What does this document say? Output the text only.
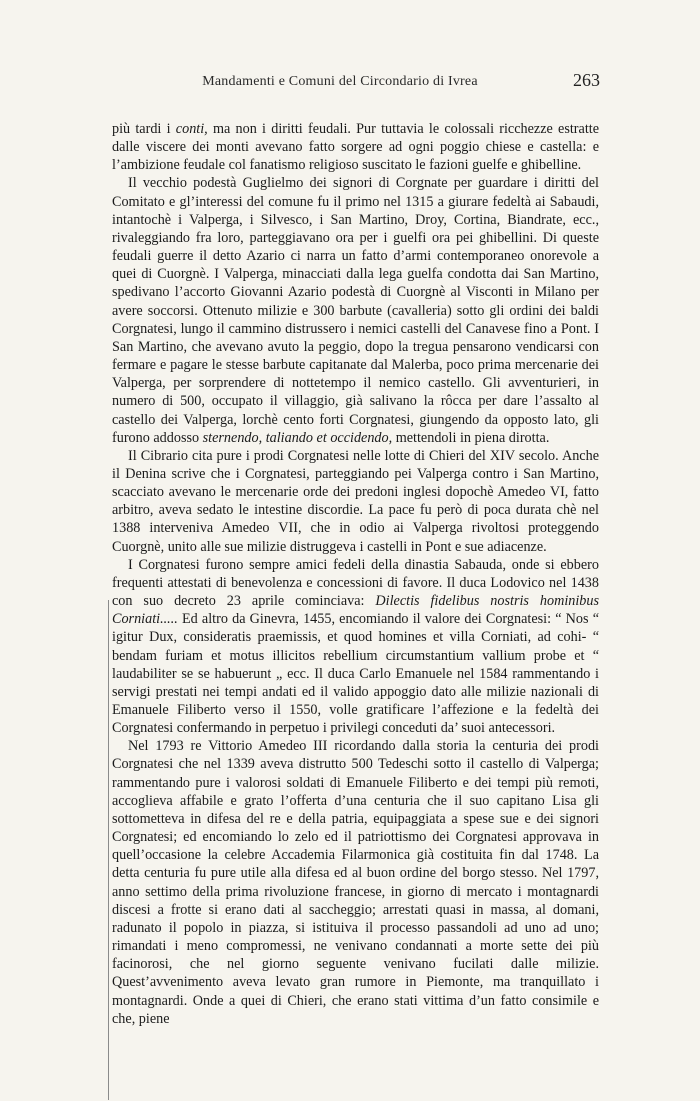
Mandamenti e Comuni del Circondario di Ivrea	263

più tardi i conti, ma non i diritti feudali. Pur tuttavia le colossali ricchezze estratte dalle viscere dei monti avevano fatto sorgere ad ogni poggio chiese e castella: e l’ambizione feudale col fanatismo religioso suscitato le fazioni guelfe e ghibelline.

Il vecchio podestà Guglielmo dei signori di Corgnate per guardare i diritti del Comitato e gl’interessi del comune fu il primo nel 1315 a giurare fedeltà ai Sabaudi, intantochè i Valperga, i Silvesco, i San Martino, Droy, Cortina, Biandrate, ecc., rivaleggiando fra loro, parteggiavano ora per i guelfi ora pei ghibellini. Di queste feudali guerre il detto Azario ci narra un fatto d’armi contemporaneo onorevole a quei di Cuorgnè. I Valperga, minacciati dalla lega guelfa condotta dai San Martino, spedivano l’accorto Giovanni Azario podestà di Cuorgnè al Visconti in Milano per avere soccorsi. Ottenuto milizie e 300 barbute (cavalleria) sotto gli ordini dei baldi Corgnatesi, lungo il cammino distrussero i nemici castelli del Canavese fino a Pont. I San Martino, che avevano avuto la peggio, dopo la tregua pensarono vendicarsi con fermare e pagare le stesse barbute capitanate dal Malerba, poco prima mercenarie dei Valperga, per sorprendere di nottetempo il nemico castello. Gli avventurieri, in numero di 500, occupato il villaggio, già salivano la rôcca per dare l’assalto al castello dei Valperga, lorchè cento forti Corgnatesi, giungendo da opposto lato, gli furono addosso sternendo, taliando et occidendo, mettendoli in piena dirotta.

Il Cibrario cita pure i prodi Corgnatesi nelle lotte di Chieri del XIV secolo. Anche il Denina scrive che i Corgnatesi, parteggiando pei Valperga contro i San Martino, scacciato avevano le mercenarie orde dei predoni inglesi dopochè Amedeo VI, fatto arbitro, aveva sedato le intestine discordie. La pace fu però di poca durata chè nel 1388 interveniva Amedeo VII, che in odio ai Valperga rivoltosi proteggendo Cuorgnè, unito alle sue milizie distruggeva i castelli in Pont e sue adiacenze.

I Corgnatesi furono sempre amici fedeli della dinastia Sabauda, onde si ebbero frequenti attestati di benevolenza e concessioni di favore. Il duca Lodovico nel 1438 con suo decreto 23 aprile cominciava: Dilectis fidelibus nostris hominibus Corniati..... Ed altro da Ginevra, 1455, encomiando il valore dei Corgnatesi: “ Nos “ igitur Dux, consideratis praemissis, et quod homines et villa Corniati, ad cohi- “ bendam furiam et motus illicitos rebellium circumstantium vallium probe et “ laudabiliter se se habuerunt „ ecc. Il duca Carlo Emanuele nel 1584 rammentando i servigi prestati nei tempi andati ed il valido appoggio dato alle milizie nazionali di Emanuele Filiberto verso il 1550, volle gratificare l’affezione e la fedeltà dei Corgnatesi confermando in perpetuo i privilegi conceduti da’ suoi antecessori.

Nel 1793 re Vittorio Amedeo III ricordando dalla storia la centuria dei prodi Corgnatesi che nel 1339 aveva distrutto 500 Tedeschi sotto il castello di Valperga; rammentando pure i valorosi soldati di Emanuele Filiberto e dei tempi più remoti, accoglieva affabile e grato l’offerta d’una centuria che il suo capitano Lisa gli sottometteva in difesa del re e della patria, equipaggiata a spese sue e dei signori Corgnatesi; ed encomiando lo zelo ed il patriottismo dei Corgnatesi approvava in quell’occasione la celebre Accademia Filarmonica già costituita fin dal 1748. La detta centuria fu pure utile alla difesa ed al buon ordine del borgo stesso. Nel 1797, anno settimo della prima rivoluzione francese, in giorno di mercato i montagnardi discesi a frotte si erano dati al saccheggio; arrestati quasi in massa, al domani, radunato il popolo in piazza, si istituiva il processo passandoli ad uno ad uno; rimandati i meno compromessi, ne venivano condannati a morte sette dei più facinorosi, che nel giorno seguente venivano fucilati dalle milizie. Quest’avvenimento aveva levato gran rumore in Piemonte, ma tranquillato i montagnardi. Onde a quei di Chieri, che erano stati vittima d’un fatto consimile e che, piene
